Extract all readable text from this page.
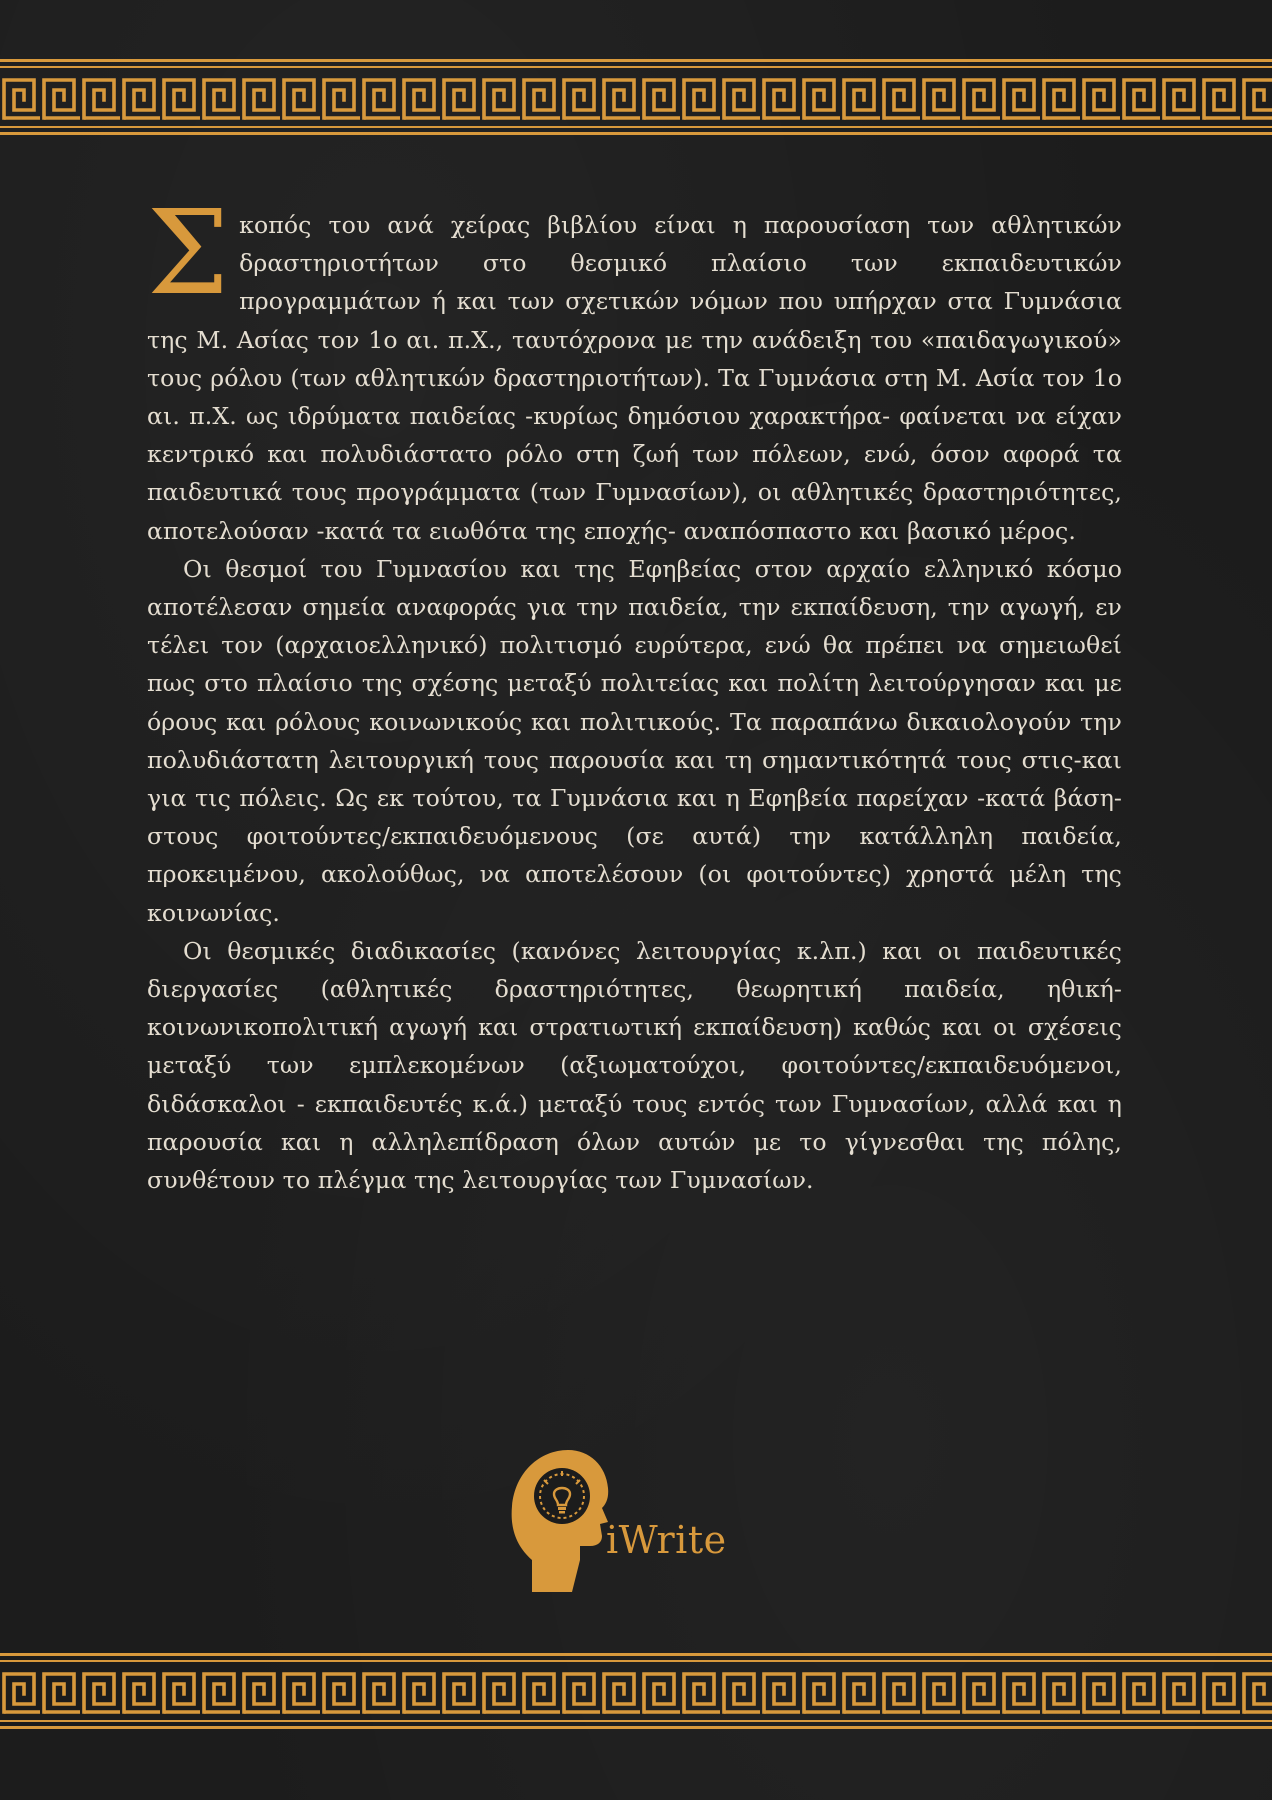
Σκοπός του ανά χείρας βιβλίου είναι η παρουσίαση των αθλητικών δραστηριοτήτων στο θεσμικό πλαίσιο των εκπαιδευτικών προγραμμάτων ή και των σχετικών νόμων που υπήρχαν στα Γυμνάσια της Μ. Ασίας τον 1ο αι. π.Χ., ταυτόχρονα με την ανάδειξη του «παιδαγωγικού» τους ρόλου (των αθλητικών δραστηριοτήτων). Τα Γυμνάσια στη Μ. Ασία τον 1ο αι. π.Χ. ως ιδρύματα παιδείας -κυρίως δημόσιου χαρακτήρα- φαίνεται να είχαν κεντρικό και πολυδιάστατο ρόλο στη ζωή των πόλεων, ενώ, όσον αφορά τα παιδευτικά τους προγράμματα (των Γυμνασίων), οι αθλητικές δραστηριότητες, αποτελούσαν -κατά τα ειωθότα της εποχής- αναπόσπαστο και βασικό μέρος.

Οι θεσμοί του Γυμνασίου και της Εφηβείας στον αρχαίο ελληνικό κόσμο αποτέλεσαν σημεία αναφοράς για την παιδεία, την εκπαίδευση, την αγωγή, εν τέλει τον (αρχαιοελληνικό) πολιτισμό ευρύτερα, ενώ θα πρέπει να σημειωθεί πως στο πλαίσιο της σχέσης μεταξύ πολιτείας και πολίτη λειτούργησαν και με όρους και ρόλους κοινωνικούς και πολιτικούς. Τα παραπάνω δικαιολογούν την πολυδιάστατη λειτουργική τους παρουσία και τη σημαντικότητά τους στις-και για τις πόλεις. Ως εκ τούτου, τα Γυμνάσια και η Εφηβεία παρείχαν -κατά βάση- στους φοιτούντες/εκπαιδευόμενους (σε αυτά) την κατάλληλη παιδεία, προκειμένου, ακολούθως, να αποτελέσουν (οι φοιτούντες) χρηστά μέλη της κοινωνίας.

Οι θεσμικές διαδικασίες (κανόνες λειτουργίας κ.λπ.) και οι παιδευτικές διεργασίες (αθλητικές δραστηριότητες, θεωρητική παιδεία, ηθική-κοινωνικοπολιτική αγωγή και στρατιωτική εκπαίδευση) καθώς και οι σχέσεις μεταξύ των εμπλεκομένων (αξιωματούχοι, φοιτούντες/εκπαιδευόμενοι, διδάσκαλοι - εκπαιδευτές κ.ά.) μεταξύ τους εντός των Γυμνασίων, αλλά και η παρουσία και η αλληλεπίδραση όλων αυτών με το γίγνεσθαι της πόλης, συνθέτουν το πλέγμα της λειτουργίας των Γυμνασίων.

iWrite
